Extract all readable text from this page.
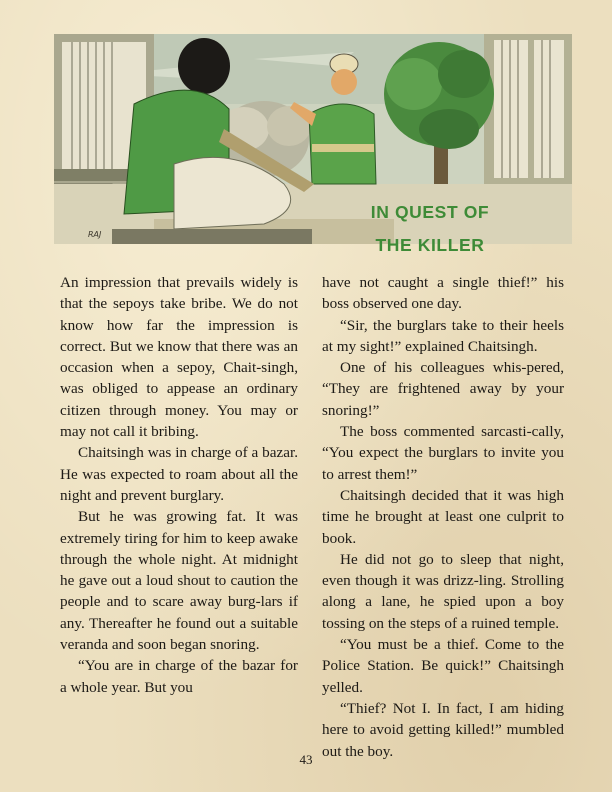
RAJ
IN QUEST OF
THE KILLER

An impression that prevails widely is that the sepoys take bribe. We do not know how far the impression is correct. But we know that there was an occasion when a sepoy, Chait-singh, was obliged to appease an ordinary citizen through money. You may or may not call it bribing.

Chaitsingh was in charge of a bazar. He was expected to roam about all the night and prevent burglary.

But he was growing fat. It was extremely tiring for him to keep awake through the whole night. At midnight he gave out a loud shout to caution the people and to scare away burg-lars if any. Thereafter he found out a suitable veranda and soon began snoring.

“You are in charge of the bazar for a whole year. But you

have not caught a single thief!” his boss observed one day.

“Sir, the burglars take to their heels at my sight!” explained Chaitsingh.

One of his colleagues whis-pered, “They are frightened away by your snoring!”

The boss commented sarcasti-cally, “You expect the burglars to invite you to arrest them!”

Chaitsingh decided that it was high time he brought at least one culprit to book.

He did not go to sleep that night, even though it was drizz-ling. Strolling along a lane, he spied upon a boy tossing on the steps of a ruined temple.

“You must be a thief. Come to the Police Station. Be quick!” Chaitsingh yelled.

“Thief? Not I. In fact, I am hiding here to avoid getting killed!” mumbled out the boy.

43
